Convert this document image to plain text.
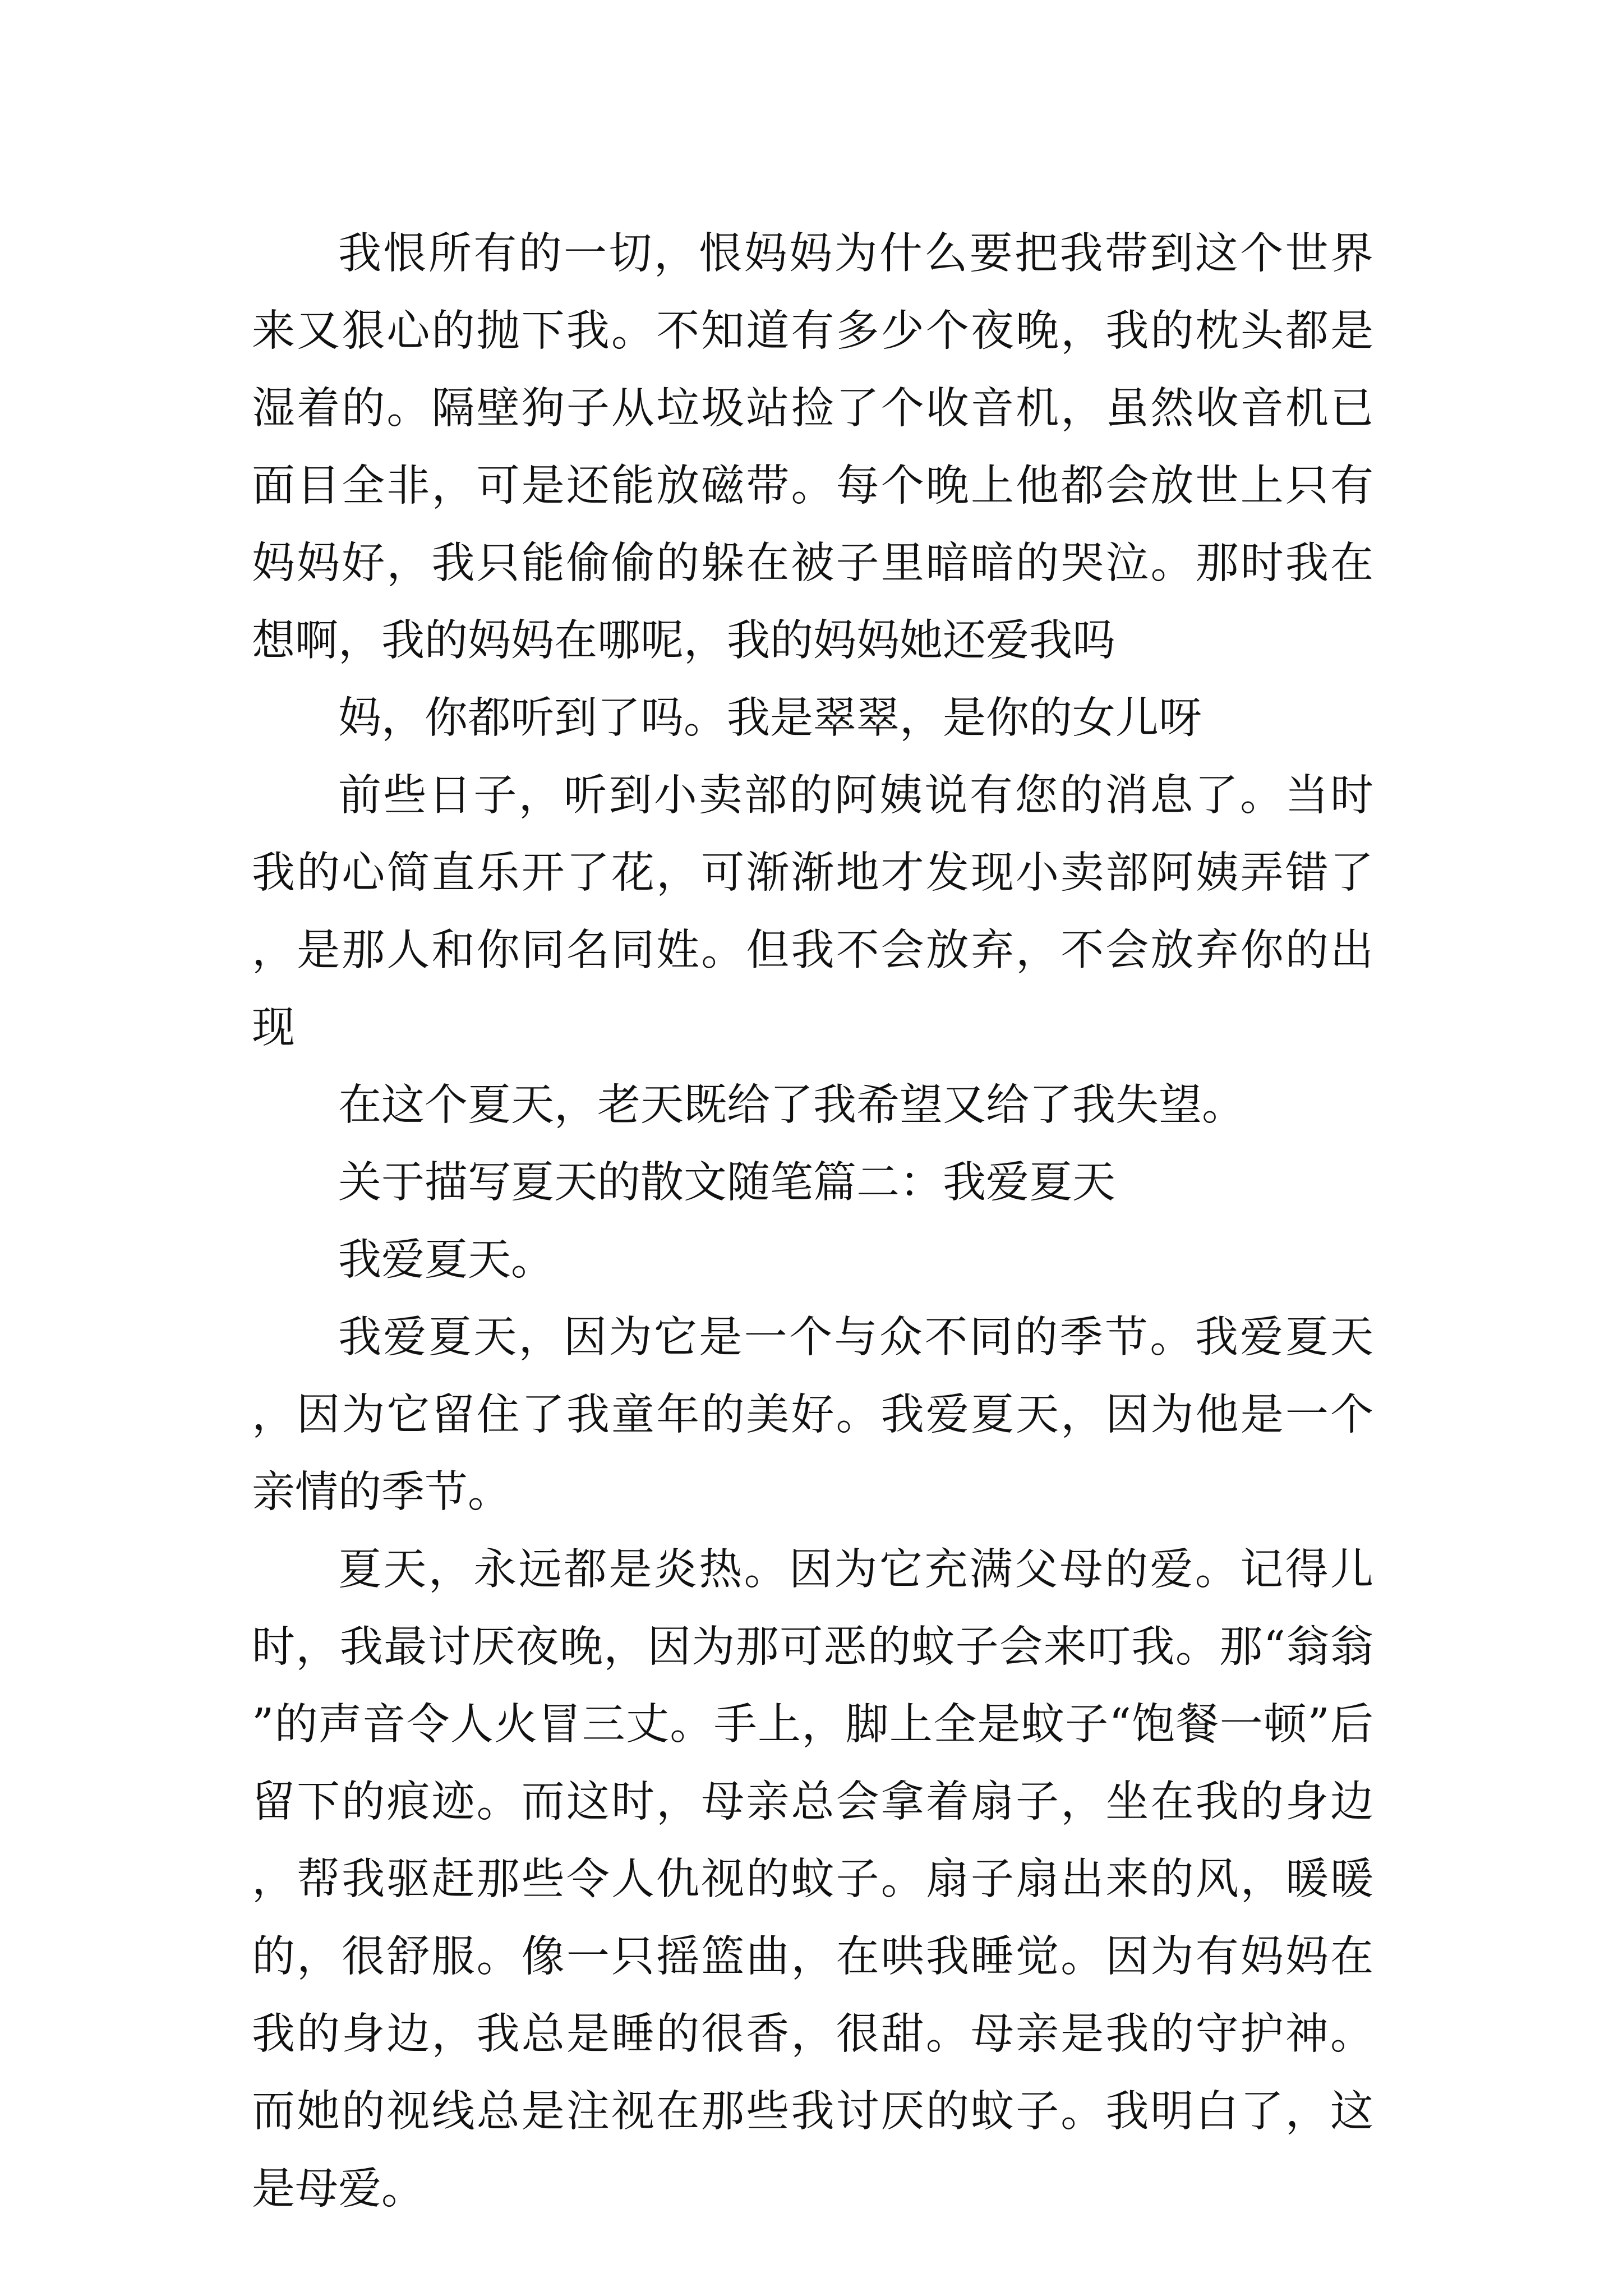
我恨所有的一切，恨妈妈为什么要把我带到这个世界来又狠心的抛下我。不知道有多少个夜晚，我的枕头都是湿着的。隔壁狗子从垃圾站捡了个收音机，虽然收音机已面目全非，可是还能放磁带。每个晚上他都会放世上只有妈妈好，我只能偷偷的躲在被子里暗暗的哭泣。那时我在想啊，我的妈妈在哪呢，我的妈妈她还爱我吗

妈，你都听到了吗。我是翠翠，是你的女儿呀

前些日子，听到小卖部的阿姨说有您的消息了。当时我的心简直乐开了花，可渐渐地才发现小卖部阿姨弄错了，是那人和你同名同姓。但我不会放弃，不会放弃你的出现

在这个夏天，老天既给了我希望又给了我失望。

关于描写夏天的散文随笔篇二：我爱夏天

我爱夏天。

我爱夏天，因为它是一个与众不同的季节。我爱夏天，因为它留住了我童年的美好。我爱夏天，因为他是一个亲情的季节。

夏天，永远都是炎热。因为它充满父母的爱。记得儿时，我最讨厌夜晚，因为那可恶的蚊子会来叮我。那“翁翁”的声音令人火冒三丈。手上，脚上全是蚊子“饱餐一顿”后留下的痕迹。而这时，母亲总会拿着扇子，坐在我的身边，帮我驱赶那些令人仇视的蚊子。扇子扇出来的风，暖暖的，很舒服。像一只摇篮曲，在哄我睡觉。因为有妈妈在我的身边，我总是睡的很香，很甜。母亲是我的守护神。而她的视线总是注视在那些我讨厌的蚊子。我明白了，这是母爱。
